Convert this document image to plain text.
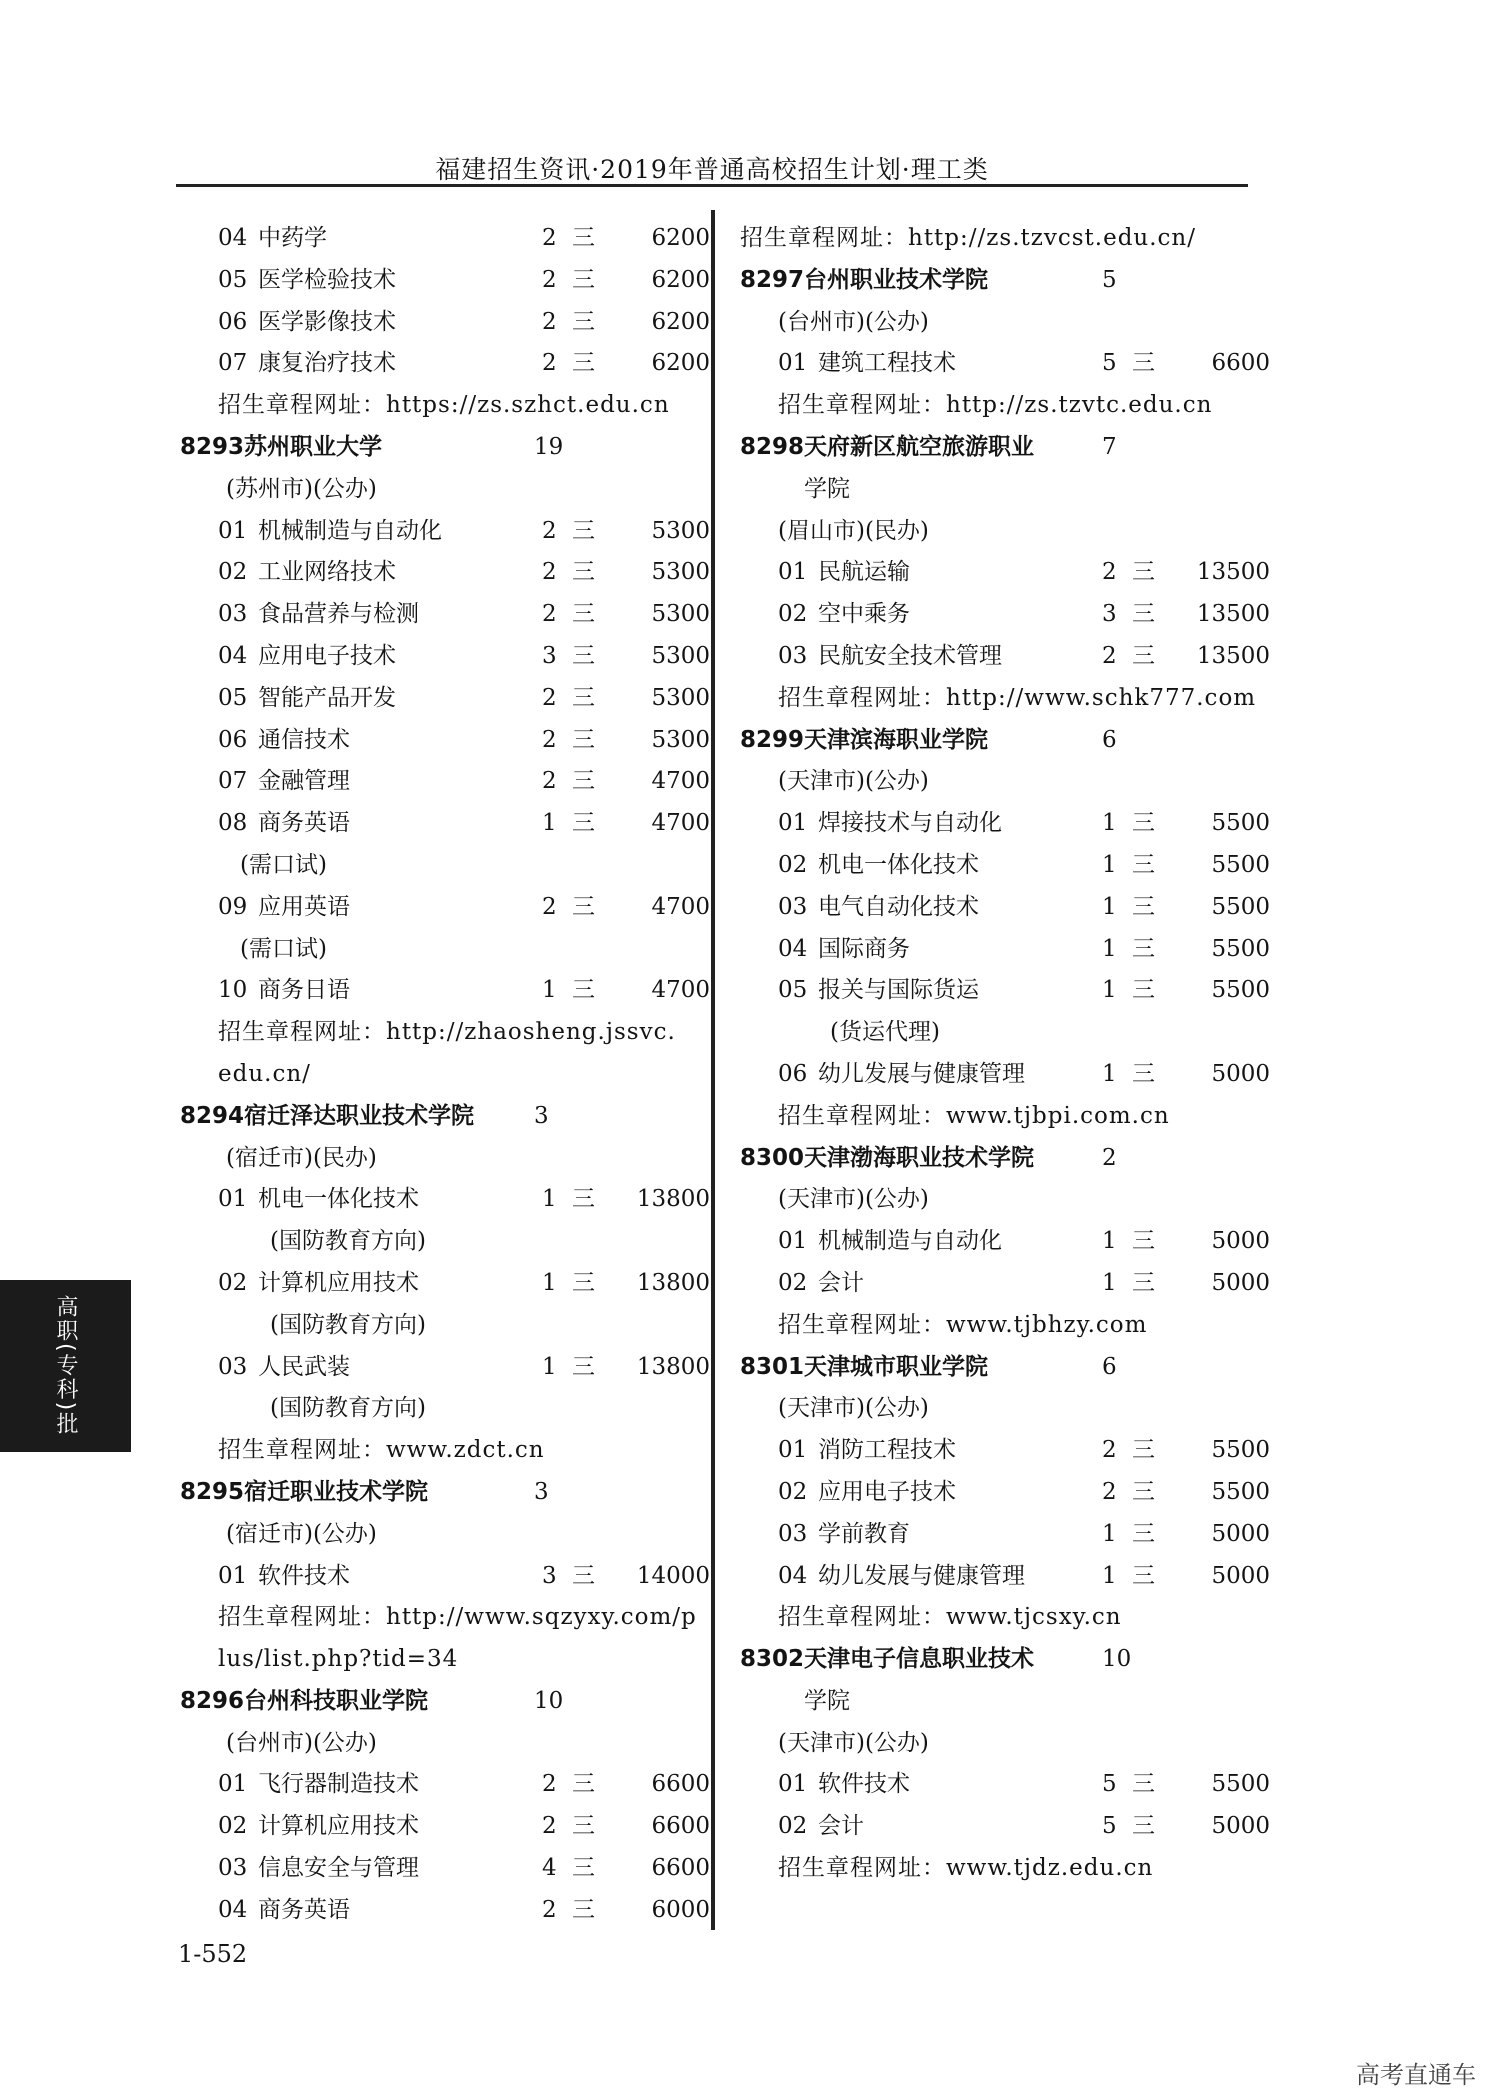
福建招生资讯·2019年普通高校招生计划·理工类
04 中药学	2 三	6200
05 医学检验技术	2 三	6200
06 医学影像技术	2 三	6200
07 康复治疗技术	2 三	6200
招生章程网址：https://zs.szhct.edu.cn
8293 苏州职业大学	19
(苏州市)(公办)
01 机械制造与自动化	2 三	5300
02 工业网络技术	2 三	5300
03 食品营养与检测	2 三	5300
04 应用电子技术	3 三	5300
05 智能产品开发	2 三	5300
06 通信技术	2 三	5300
07 金融管理	2 三	4700
08 商务英语	1 三	4700
(需口试)
09 应用英语	2 三	4700
(需口试)
10 商务日语	1 三	4700
招生章程网址：http://zhaosheng.jssvc.
edu.cn/
8294 宿迁泽达职业技术学院	3
(宿迁市)(民办)
01 机电一体化技术	1 三	13800
(国防教育方向)
02 计算机应用技术	1 三	13800
(国防教育方向)
03 人民武装	1 三	13800
(国防教育方向)
招生章程网址：www.zdct.cn
8295 宿迁职业技术学院	3
(宿迁市)(公办)
01 软件技术	3 三	14000
招生章程网址：http://www.sqzyxy.com/p
lus/list.php?tid=34
8296 台州科技职业学院	10
(台州市)(公办)
01 飞行器制造技术	2 三	6600
02 计算机应用技术	2 三	6600
03 信息安全与管理	4 三	6600
04 商务英语	2 三	6000
招生章程网址：http://zs.tzvcst.edu.cn/
8297 台州职业技术学院	5
(台州市)(公办)
01 建筑工程技术	5 三	6600
招生章程网址：http://zs.tzvtc.edu.cn
8298 天府新区航空旅游职业	7
学院
(眉山市)(民办)
01 民航运输	2 三	13500
02 空中乘务	3 三	13500
03 民航安全技术管理	2 三	13500
招生章程网址：http://www.schk777.com
8299 天津滨海职业学院	6
(天津市)(公办)
01 焊接技术与自动化	1 三	5500
02 机电一体化技术	1 三	5500
03 电气自动化技术	1 三	5500
04 国际商务	1 三	5500
05 报关与国际货运	1 三	5500
(货运代理)
06 幼儿发展与健康管理	1 三	5000
招生章程网址：www.tjbpi.com.cn
8300 天津渤海职业技术学院	2
(天津市)(公办)
01 机械制造与自动化	1 三	5000
02 会计	1 三	5000
招生章程网址：www.tjbhzy.com
8301 天津城市职业学院	6
(天津市)(公办)
01 消防工程技术	2 三	5500
02 应用电子技术	2 三	5500
03 学前教育	1 三	5000
04 幼儿发展与健康管理	1 三	5000
招生章程网址：www.tjcsxy.cn
8302 天津电子信息职业技术	10
学院
(天津市)(公办)
01 软件技术	5 三	5500
02 会计	5 三	5000
招生章程网址：www.tjdz.edu.cn
高职(专科)批
1-552
高考直通车
